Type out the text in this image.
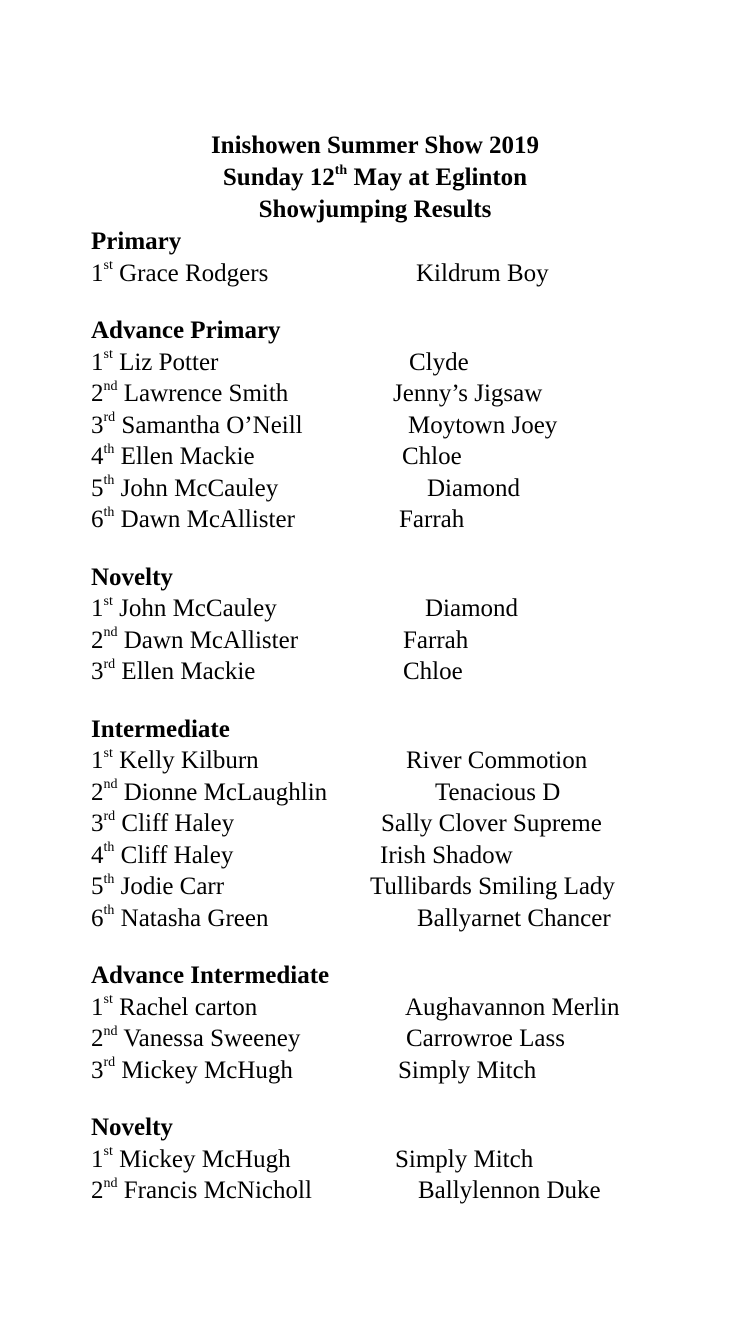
Inishowen Summer Show 2019
Sunday 12th May at Eglinton
Showjumping Results
Primary
1st Grace Rodgers	Kildrum Boy
Advance Primary
1st Liz Potter	Clyde
2nd Lawrence Smith	Jenny’s Jigsaw
3rd Samantha O’Neill	Moytown Joey
4th Ellen Mackie	Chloe
5th John McCauley	Diamond
6th Dawn McAllister	Farrah
Novelty
1st John McCauley	Diamond
2nd Dawn McAllister	Farrah
3rd Ellen Mackie	Chloe
Intermediate
1st Kelly Kilburn	River Commotion
2nd Dionne McLaughlin	Tenacious D
3rd Cliff Haley	Sally Clover Supreme
4th Cliff Haley	Irish Shadow
5th Jodie Carr	Tullibards Smiling Lady
6th Natasha Green	Ballyarnet Chancer
Advance Intermediate
1st Rachel carton	Aughavannon Merlin
2nd Vanessa Sweeney	Carrowroe Lass
3rd Mickey McHugh	Simply Mitch
Novelty
1st Mickey McHugh	Simply Mitch
2nd Francis McNicholl	Ballylennon Duke
